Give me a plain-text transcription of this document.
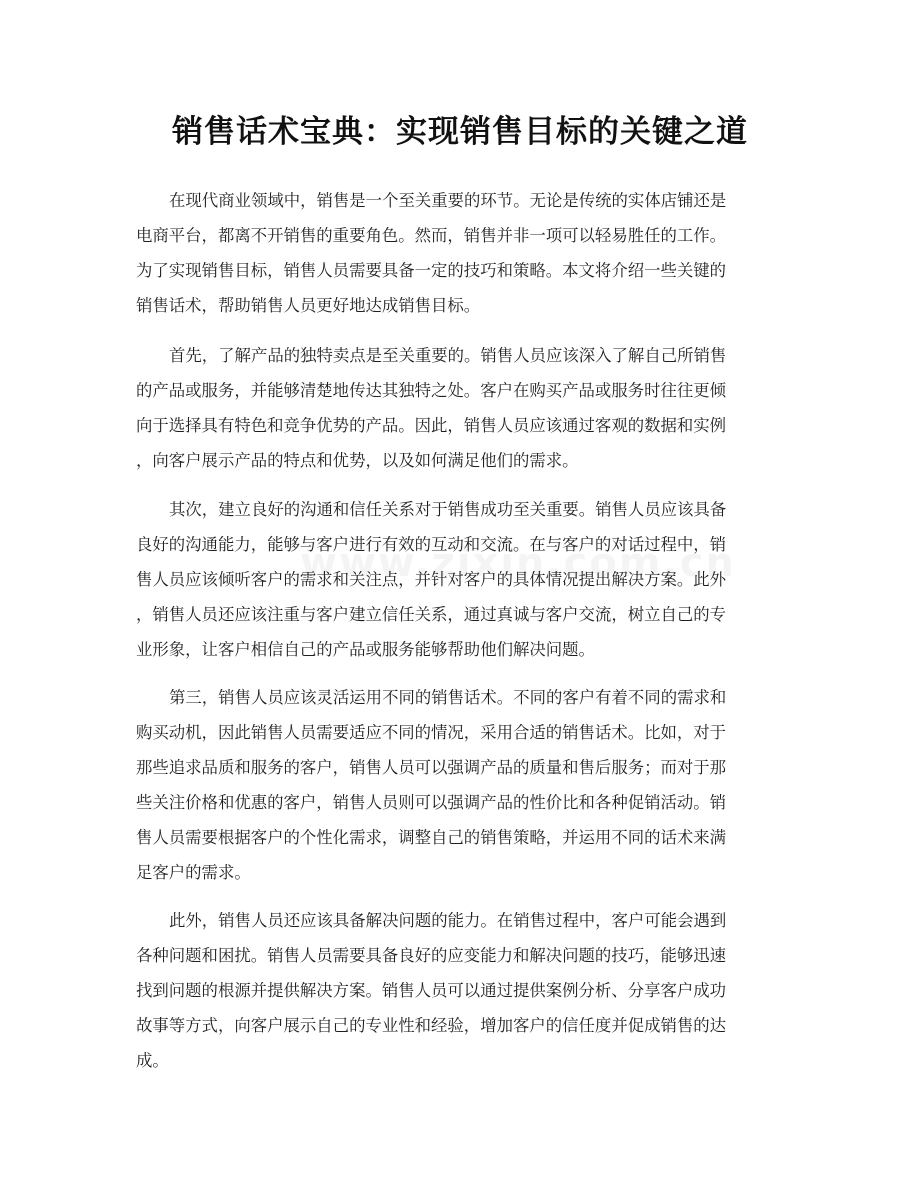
销售话术宝典：实现销售目标的关键之道
在现代商业领域中，销售是一个至关重要的环节。无论是传统的实体店铺还是
电商平台，都离不开销售的重要角色。然而，销售并非一项可以轻易胜任的工作。
为了实现销售目标，销售人员需要具备一定的技巧和策略。本文将介绍一些关键的
销售话术，帮助销售人员更好地达成销售目标。
首先，了解产品的独特卖点是至关重要的。销售人员应该深入了解自己所销售
的产品或服务，并能够清楚地传达其独特之处。客户在购买产品或服务时往往更倾
向于选择具有特色和竞争优势的产品。因此，销售人员应该通过客观的数据和实例
，向客户展示产品的特点和优势，以及如何满足他们的需求。
其次，建立良好的沟通和信任关系对于销售成功至关重要。销售人员应该具备
良好的沟通能力，能够与客户进行有效的互动和交流。在与客户的对话过程中，销
售人员应该倾听客户的需求和关注点，并针对客户的具体情况提出解决方案。此外
，销售人员还应该注重与客户建立信任关系，通过真诚与客户交流，树立自己的专
业形象，让客户相信自己的产品或服务能够帮助他们解决问题。
第三，销售人员应该灵活运用不同的销售话术。不同的客户有着不同的需求和
购买动机，因此销售人员需要适应不同的情况，采用合适的销售话术。比如，对于
那些追求品质和服务的客户，销售人员可以强调产品的质量和售后服务；而对于那
些关注价格和优惠的客户，销售人员则可以强调产品的性价比和各种促销活动。销
售人员需要根据客户的个性化需求，调整自己的销售策略，并运用不同的话术来满
足客户的需求。
此外，销售人员还应该具备解决问题的能力。在销售过程中，客户可能会遇到
各种问题和困扰。销售人员需要具备良好的应变能力和解决问题的技巧，能够迅速
找到问题的根源并提供解决方案。销售人员可以通过提供案例分析、分享客户成功
故事等方式，向客户展示自己的专业性和经验，增加客户的信任度并促成销售的达
成。
